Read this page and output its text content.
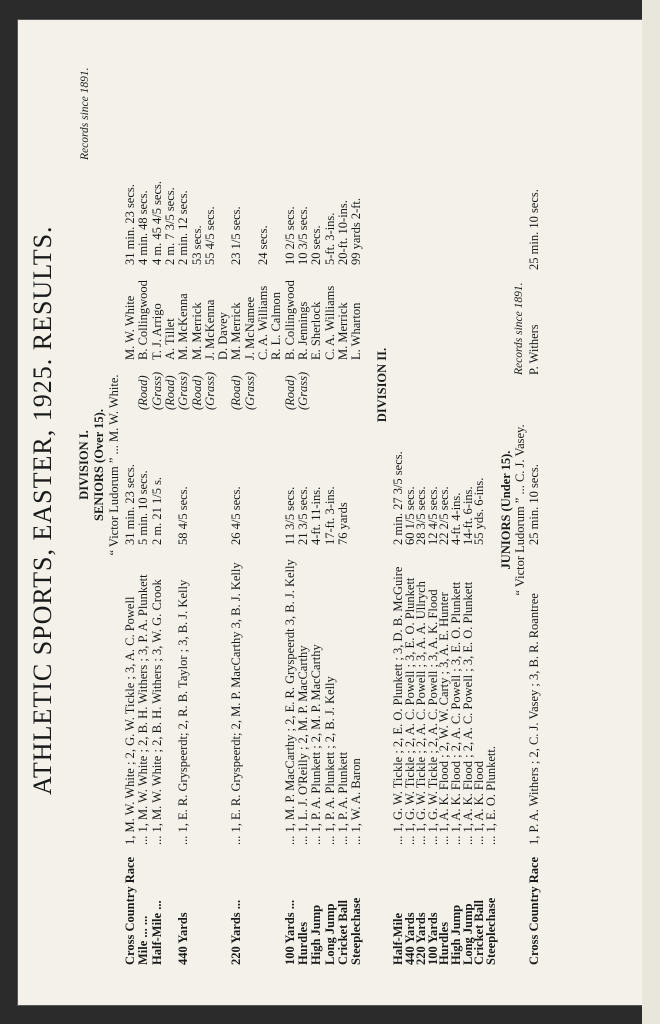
ATHLETIC SPORTS, EASTER, 1925. RESULTS.
Records since 1891.
DIVISION I. SENIORS (Over 15). “ Victor Ludorum ” ... M. W. White.
Cross Country Race
1, M. W. White ; 2, G. W. Tickle ; 3, A. C. Powell
31 min. 23 secs.
M. W. White
31 min. 23 secs.
Mile ... ...
... 1, M. W. White ; 2, B. H. Withers ; 3, P. A. Plunkett
5 min. 10 secs.
(Road)
B. Collingwood
4 min. 48 secs.
Half-Mile ...
... 1, M. W. White ; 2, B. H. Withers ; 3, W. G. Crook
2 m. 21 1/5 s.
(Grass)
T. J. Arrigo
4 m. 45 4/5 secs.
(Road)
A. Tillet
2 m. 7 3/5 secs.
440 Yards
... 1, E. R. Gryspeerdt; 2, R. B. Taylor ; 3, B. J. Kelly
58 4/5 secs.
(Grass)
M. McKenna
2 min. 12 secs.
(Road)
M. Merrick
53 secs.
(Grass)
J. McKenna
55 4/5 secs.
D. Davey
220 Yards ...
... 1, E. R. Gryspeerdt; 2, M. P. MacCarthy 3, B. J. Kelly
26 4/5 secs.
(Road)
M. Merrick
23 1/5 secs.
(Grass)
J. McNamee C. A. Williams
24 secs.
R. L. Calmon
100 Yards ...
... 1, M. P. MacCarthy ; 2, E. R. Gryspeerdt 3, B. J. Kelly
11 3/5 secs.
(Road)
B. Collingwood
10 2/5 secs.
Hurdles
... 1, L. J. O'Reilly ; 2, M. P. MacCarthy
21 3/5 secs.
(Grass)
R. Jennings
10 3/5 secs.
High Jump
... 1, P. A. Plunkett ; 2, M. P. MacCarthy
4-ft. 11-ins.
E. Sherlock
20 secs.
Long Jump
... 1, P. A. Plunkett ; 2, B. J. Kelly
17-ft. 3-ins.
C. A. Williams
5-ft. 3-ins.
Cricket Ball
... 1, P. A. Plunkett
76 yards
M. Merrick
20-ft. 10-ins.
Steeplechase
... 1, W. A. Baron
L. Wharton
99 yards 2-ft.
DIVISION II.
Half-Mile
... 1, G. W. Tickle ; 2, E. O. Plunkett ; 3, D. B. McGuire
2 min. 27 3/5 secs.
440 Yards
... 1, G. W. Tickle ; 2, A. C. Powell ; 3, E. O. Plunkett
60 1/5 secs.
220 Yards
... 1, G. W. Tickle ; 2, A. C. Powell ; 3, A. A. Ullrych
28 3/5 secs.
100 Yards
... 1, G. W. Tickle ; 2, A. C. Powell ; 3, A. K. Flood
12 4/5 secs.
Hurdles
... 1, A. K. Flood ; 2, W. W. Carty ; 3, A. E. Hunter
22 2/5 secs.
High Jump
... 1, A. K. Flood ; 2, A. C. Powell ; 3, E. O. Plunkett
4-ft. 4-ins.
Long Jump
... 1, A. K. Flood ; 2, A. C. Powell ; 3, E. O. Plunkett
14-ft. 6-ins.
Cricket Ball
... 1, A. K. Flood
55 yds. 6-ins.
Steeplechase
... 1, E. O. Plunkett.
JUNIORS (Under 15). “ Victor Ludorum ” ... C. J. Vasey.
Cross Country Race
1, P. A. Withers ; 2, C. J. Vasey ; 3, B. R. Roantree
25 min. 10 secs.
Records since 1891. P. Withers
25 min. 10 secs.
